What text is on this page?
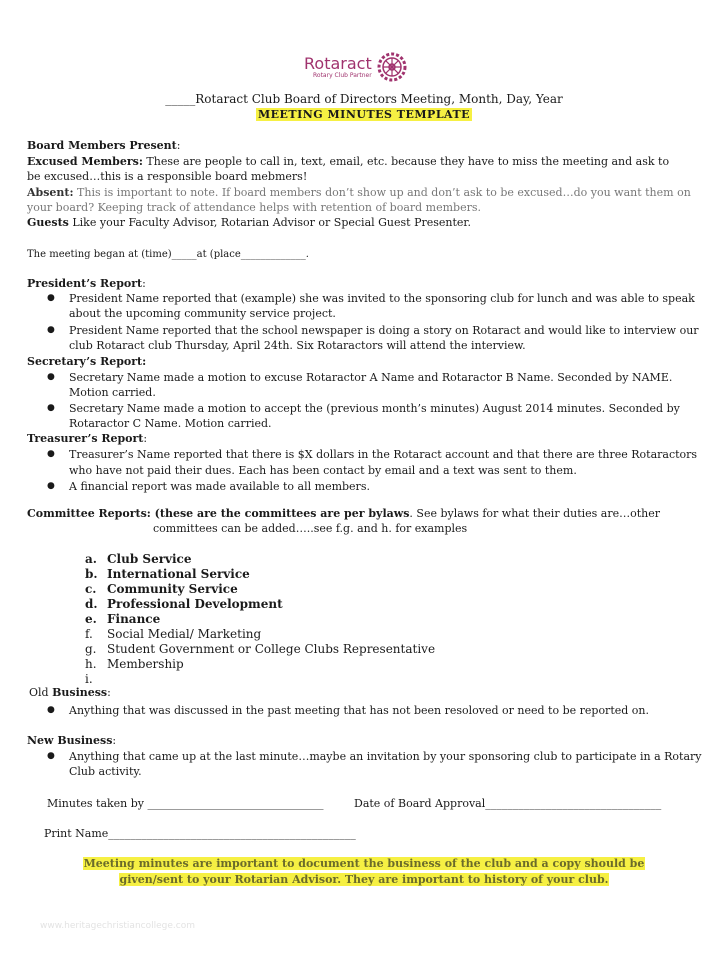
Rotaract
Rotary Club Partner
_____Rotaract Club Board of Directors Meeting, Month, Day, Year
MEETING MINUTES TEMPLATE
Board Members Present:
Excused Members: These are people to call in, text, email, etc. because they have to miss the meeting and ask to
be excused…this is a responsible board mebmers!
Absent: This is important to note. If board members don’t show up and don’t ask to be excused…do you want them on
your board? Keeping track of attendance helps with retention of board members.
Guests Like your Faculty Advisor, Rotarian Advisor or Special Guest Presenter.
The meeting began at (time)_____at (place_____________.
President’s Report:
● President Name reported that (example) she was invited to the sponsoring club for lunch and was able to speak
about the upcoming community service project.
● President Name reported that the school newspaper is doing a story on Rotaract and would like to interview our
club Rotaract club Thursday, April 24th. Six Rotaractors will attend the interview.
Secretary’s Report:
● Secretary Name made a motion to excuse Rotaractor A Name and Rotaractor B Name. Seconded by NAME.
Motion carried.
● Secretary Name made a motion to accept the (previous month’s minutes) August 2014 minutes. Seconded by
Rotaractor C Name. Motion carried.
Treasurer’s Report:
● Treasurer’s Name reported that there is $X dollars in the Rotaract account and that there are three Rotaractors
who have not paid their dues. Each has been contact by email and a text was sent to them.
● A financial report was made available to all members.
Committee Reports: (these are the committees are per bylaws. See bylaws for what their duties are…other
committees can be added…..see f.g. and h. for examples
a. Club Service
b. International Service
c. Community Service
d. Professional Development
e. Finance
f. Social Medial/ Marketing
g. Student Government or College Clubs Representative
h. Membership
i.
Old Business:
● Anything that was discussed in the past meeting that has not been resoloved or need to be reported on.
New Business:
● Anything that came up at the last minute…maybe an invitation by your sponsoring club to participate in a Rotary
Club activity.
Minutes taken by ________________________________	Date of Board Approval________________________________
Print Name_____________________________________________
Meeting minutes are important to document the business of the club and a copy should be
given/sent to your Rotarian Advisor. They are important to history of your club.
www.heritagechristiancollege.com
